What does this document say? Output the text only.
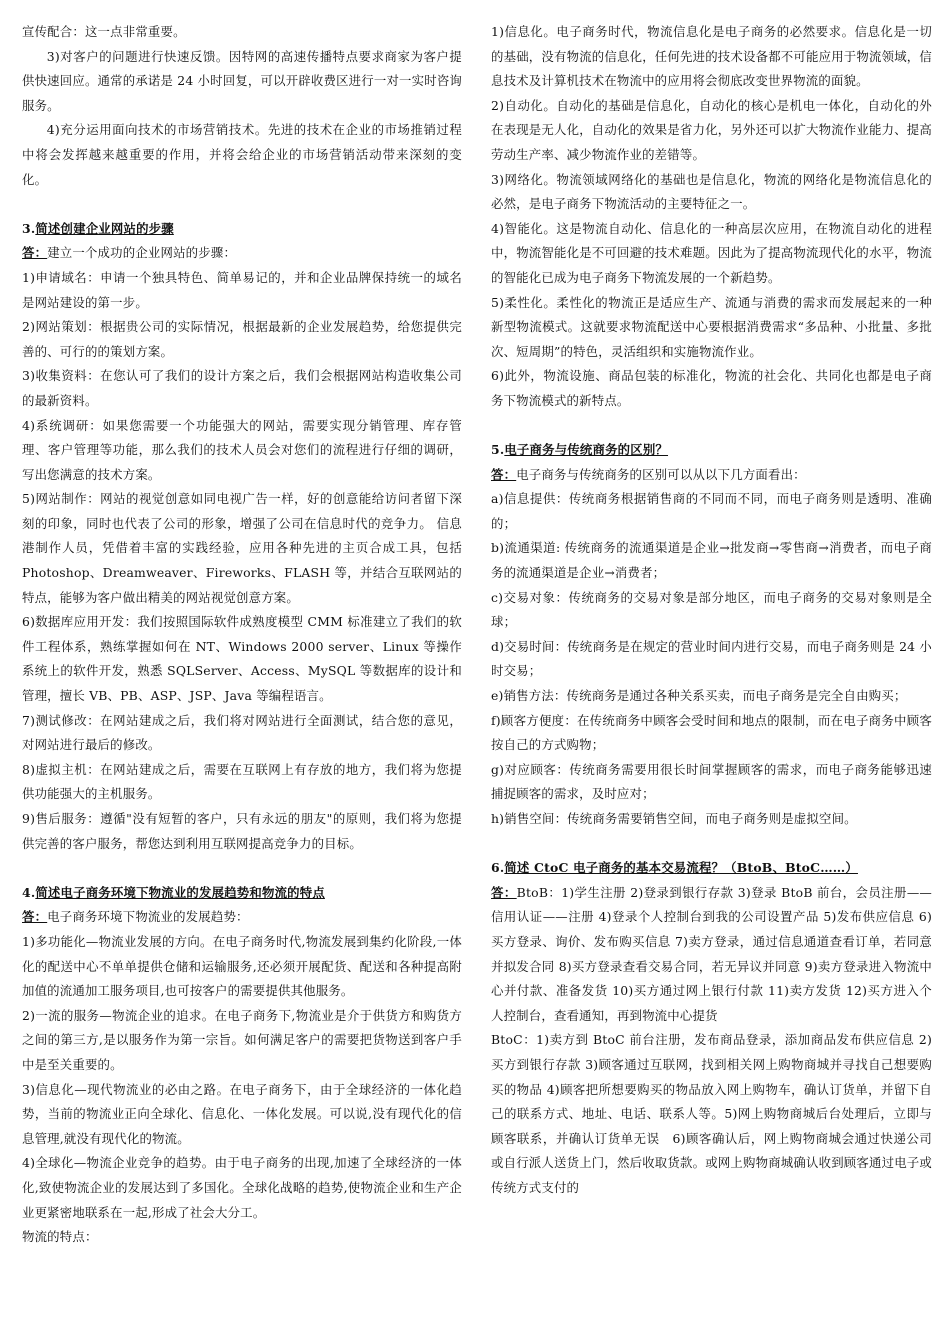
宣传配合：这一点非常重要。

3)对客户的问题进行快速反馈。因特网的高速传播特点要求商家为客户提供快速回应。通常的承诺是 24 小时回复，可以开辟收费区进行一对一实时咨询服务。

4)充分运用面向技术的市场营销技术。先进的技术在企业的市场推销过程中将会发挥越来越重要的作用，并将会给企业的市场营销活动带来深刻的变化。

3.简述创建企业网站的步骤

答：建立一个成功的企业网站的步骤：

1)申请域名：申请一个独具特色、简单易记的，并和企业品牌保持统一的域名是网站建设的第一步。

2)网站策划：根据贵公司的实际情况，根据最新的企业发展趋势，给您提供完善的、可行的的策划方案。

3)收集资料：在您认可了我们的设计方案之后，我们会根据网站构造收集公司的最新资料。

4)系统调研：如果您需要一个功能强大的网站，需要实现分销管理、库存管理、客户管理等功能，那么我们的技术人员会对您们的流程进行仔细的调研，写出您满意的技术方案。

5)网站制作：网站的视觉创意如同电视广告一样，好的创意能给访问者留下深刻的印象，同时也代表了公司的形象，增强了公司在信息时代的竞争力。 信息港制作人员，凭借着丰富的实践经验，应用各种先进的主页合成工具，包括 Photoshop、Dreamweaver、Fireworks、FLASH 等，并结合互联网站的特点，能够为客户做出精美的网站视觉创意方案。

6)数据库应用开发：我们按照国际软件成熟度模型 CMM 标准建立了我们的软件工程体系，熟练掌握如何在 NT、Windows 2000 server、Linux 等操作系统上的软件开发，熟悉 SQLServer、Access、MySQL 等数据库的设计和管理，擅长 VB、PB、ASP、JSP、Java 等编程语言。

7)测试修改：在网站建成之后，我们将对网站进行全面测试，结合您的意见，对网站进行最后的修改。

8)虚拟主机：在网站建成之后，需要在互联网上有存放的地方，我们将为您提供功能强大的主机服务。

9)售后服务：遵循"没有短暂的客户，只有永远的朋友"的原则，我们将为您提供完善的客户服务，帮您达到利用互联网提高竞争力的目标。

4.简述电子商务环境下物流业的发展趋势和物流的特点

答：电子商务环境下物流业的发展趋势：

1)多功能化—物流业发展的方向。在电子商务时代,物流发展到集约化阶段,一体化的配送中心不单单提供仓储和运输服务,还必须开展配货、配送和各种提高附加值的流通加工服务项目,也可按客户的需要提供其他服务。

2)一流的服务—物流企业的追求。在电子商务下,物流业是介于供货方和购货方之间的第三方,是以服务作为第一宗旨。如何满足客户的需要把货物送到客户手中是至关重要的。

3)信息化—现代物流业的必由之路。在电子商务下，由于全球经济的一体化趋势，当前的物流业正向全球化、信息化、一体化发展。可以说,没有现代化的信息管理,就没有现代化的物流。

4)全球化—物流企业竞争的趋势。由于电子商务的出现,加速了全球经济的一体化,致使物流企业的发展达到了多国化。全球化战略的趋势,使物流企业和生产企业更紧密地联系在一起,形成了社会大分工。

物流的特点：

1)信息化。电子商务时代，物流信息化是电子商务的必然要求。信息化是一切的基础，没有物流的信息化，任何先进的技术设备都不可能应用于物流领域，信息技术及计算机技术在物流中的应用将会彻底改变世界物流的面貌。

2)自动化。自动化的基础是信息化，自动化的核心是机电一体化，自动化的外在表现是无人化，自动化的效果是省力化，另外还可以扩大物流作业能力、提高劳动生产率、减少物流作业的差错等。

3)网络化。物流领域网络化的基础也是信息化，物流的网络化是物流信息化的必然，是电子商务下物流活动的主要特征之一。

4)智能化。这是物流自动化、信息化的一种高层次应用，在物流自动化的进程中，物流智能化是不可回避的技术难题。因此为了提高物流现代化的水平，物流的智能化已成为电子商务下物流发展的一个新趋势。

5)柔性化。柔性化的物流正是适应生产、流通与消费的需求而发展起来的一种新型物流模式。这就要求物流配送中心要根据消费需求“多品种、小批量、多批次、短周期”的特色，灵活组织和实施物流作业。

6)此外，物流设施、商品包装的标准化，物流的社会化、共同化也都是电子商务下物流模式的新特点。

5.电子商务与传统商务的区别？

答：电子商务与传统商务的区别可以从以下几方面看出：

a)信息提供：传统商务根据销售商的不同而不同，而电子商务则是透明、准确的；

b)流通渠道: 传统商务的流通渠道是企业→批发商→零售商→消费者，而电子商务的流通渠道是企业→消费者；

c)交易对象：传统商务的交易对象是部分地区，而电子商务的交易对象则是全球；

d)交易时间：传统商务是在规定的营业时间内进行交易，而电子商务则是 24 小时交易；

e)销售方法：传统商务是通过各种关系买卖，而电子商务是完全自由购买；

f)顾客方便度：在传统商务中顾客会受时间和地点的限制，而在电子商务中顾客按自己的方式购物；

g)对应顾客：传统商务需要用很长时间掌握顾客的需求，而电子商务能够迅速捕捉顾客的需求，及时应对；

h)销售空间：传统商务需要销售空间，而电子商务则是虚拟空间。

6.简述 CtoC 电子商务的基本交易流程？（BtoB、BtoC……）

答：BtoB：1)学生注册 2)登录到银行存款 3)登录 BtoB 前台，会员注册——信用认证——注册 4)登录个人控制台到我的公司设置产品 5)发布供应信息 6)买方登录、询价、发布购买信息 7)卖方登录，通过信息通道查看订单，若同意并拟发合同 8)买方登录查看交易合同，若无异议并同意 9)卖方登录进入物流中心并付款、准备发货 10)买方通过网上银行付款 11)卖方发货 12)买方进入个人控制台，查看通知，再到物流中心提货

BtoC：1)卖方到 BtoC 前台注册，发布商品登录，添加商品发布供应信息 2)买方到银行存款 3)顾客通过互联网，找到相关网上购物商城并寻找自己想要购买的物品 4)顾客把所想要购买的物品放入网上购物车，确认订货单，并留下自己的联系方式、地址、电话、联系人等。5)网上购物商城后台处理后，立即与顾客联系，并确认订货单无误　6)顾客确认后，网上购物商城会通过快递公司或自行派人送货上门，然后收取货款。或网上购物商城确认收到顾客通过电子或传统方式支付的
